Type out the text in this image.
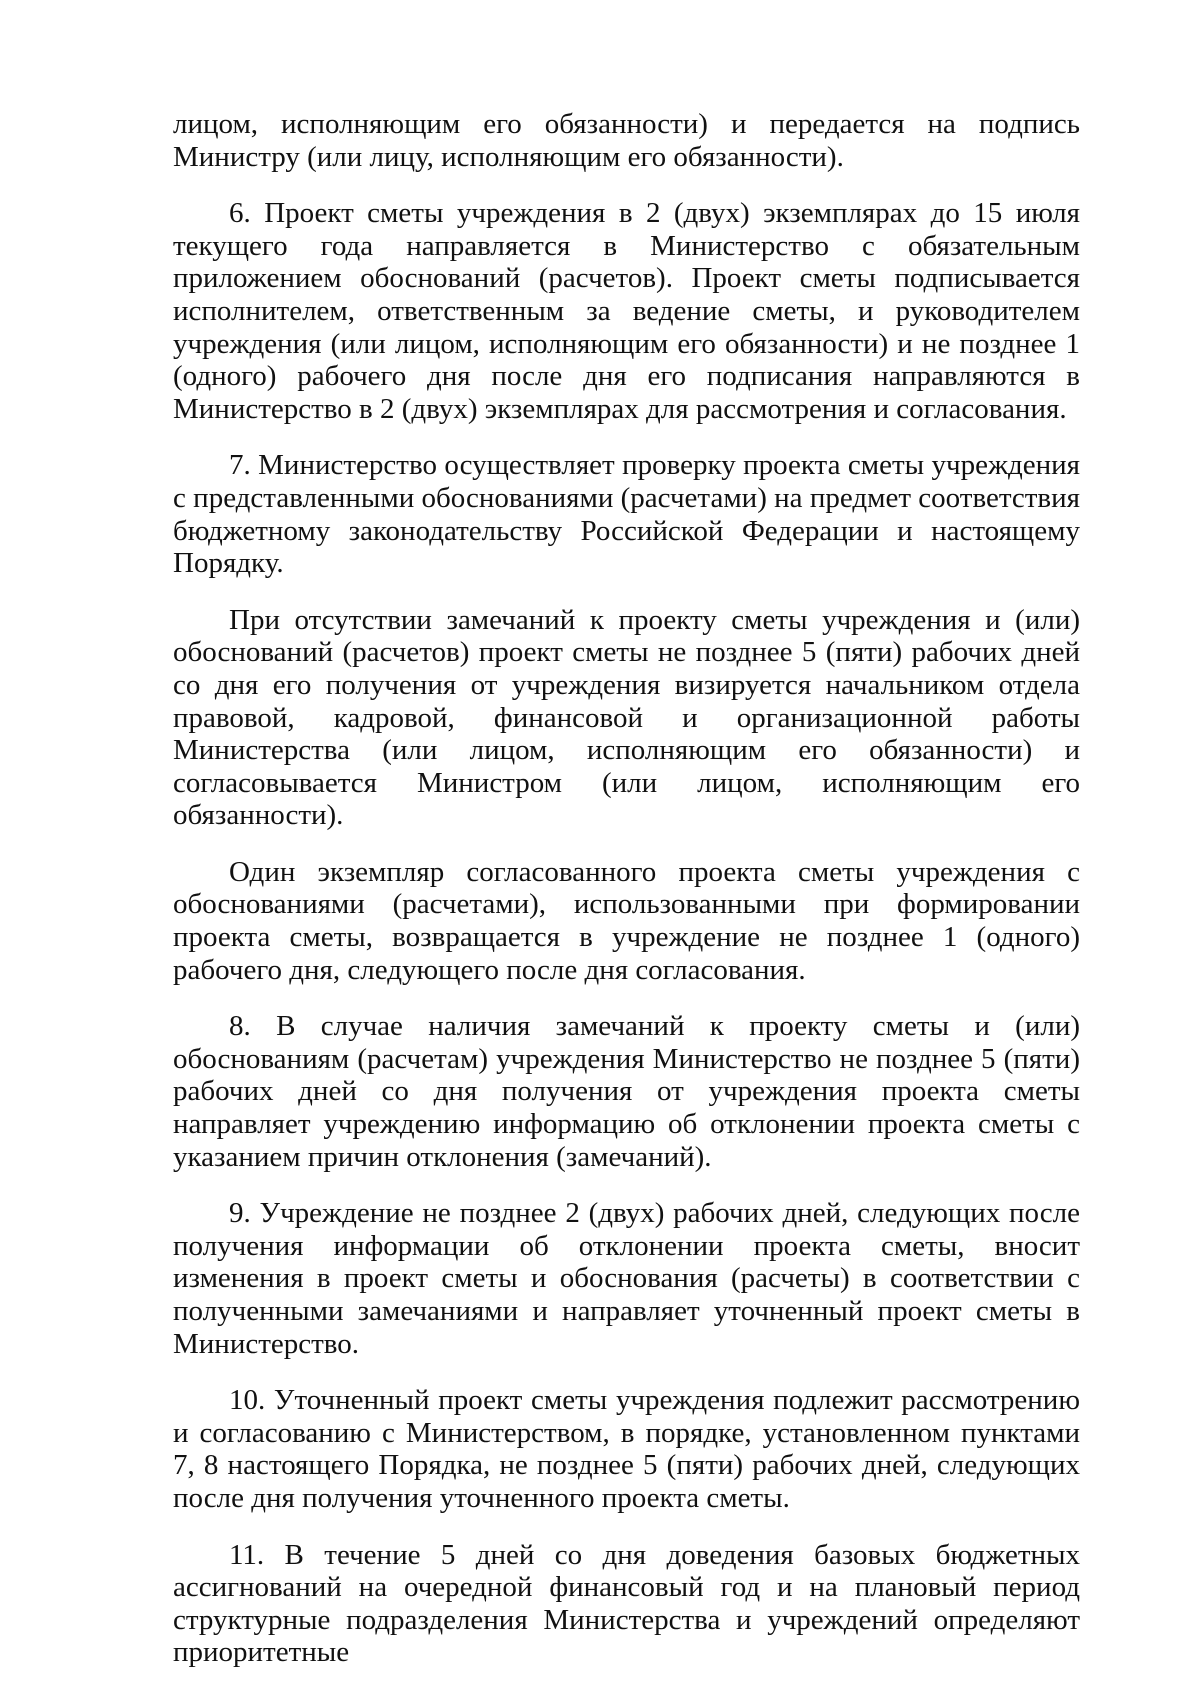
лицом, исполняющим его обязанности) и передается на подпись Министру (или лицу, исполняющим его обязанности).

6. Проект сметы учреждения в 2 (двух) экземплярах до 15 июля текущего года направляется в Министерство с обязательным приложением обоснований (расчетов). Проект сметы подписывается исполнителем, ответственным за ведение сметы, и руководителем учреждения (или лицом, исполняющим его обязанности) и не позднее 1 (одного) рабочего дня после дня его подписания направляются в Министерство в 2 (двух) экземплярах для рассмотрения и согласования.

7. Министерство осуществляет проверку проекта сметы учреждения с представленными обоснованиями (расчетами) на предмет соответствия бюджетному законодательству Российской Федерации и настоящему Порядку.

При отсутствии замечаний к проекту сметы учреждения и (или) обоснований (расчетов) проект сметы не позднее 5 (пяти) рабочих дней со дня его получения от учреждения визируется начальником отдела правовой, кадровой, финансовой и организационной работы Министерства (или лицом, исполняющим его обязанности) и согласовывается Министром (или лицом, исполняющим его обязанности).

Один экземпляр согласованного проекта сметы учреждения с обоснованиями (расчетами), использованными при формировании проекта сметы, возвращается в учреждение не позднее 1 (одного) рабочего дня, следующего после дня согласования.

8. В случае наличия замечаний к проекту сметы и (или) обоснованиям (расчетам) учреждения Министерство не позднее 5 (пяти) рабочих дней со дня получения от учреждения проекта сметы направляет учреждению информацию об отклонении проекта сметы с указанием причин отклонения (замечаний).

9. Учреждение не позднее 2 (двух) рабочих дней, следующих после получения информации об отклонении проекта сметы, вносит изменения в проект сметы и обоснования (расчеты) в соответствии с полученными замечаниями и направляет уточненный проект сметы в Министерство.

10. Уточненный проект сметы учреждения подлежит рассмотрению и согласованию с Министерством, в порядке, установленном пунктами 7, 8 настоящего Порядка, не позднее 5 (пяти) рабочих дней, следующих после дня получения уточненного проекта сметы.

11. В течение 5 дней со дня доведения базовых бюджетных ассигнований на очередной финансовый год и на плановый период структурные подразделения Министерства и учреждений определяют приоритетные
